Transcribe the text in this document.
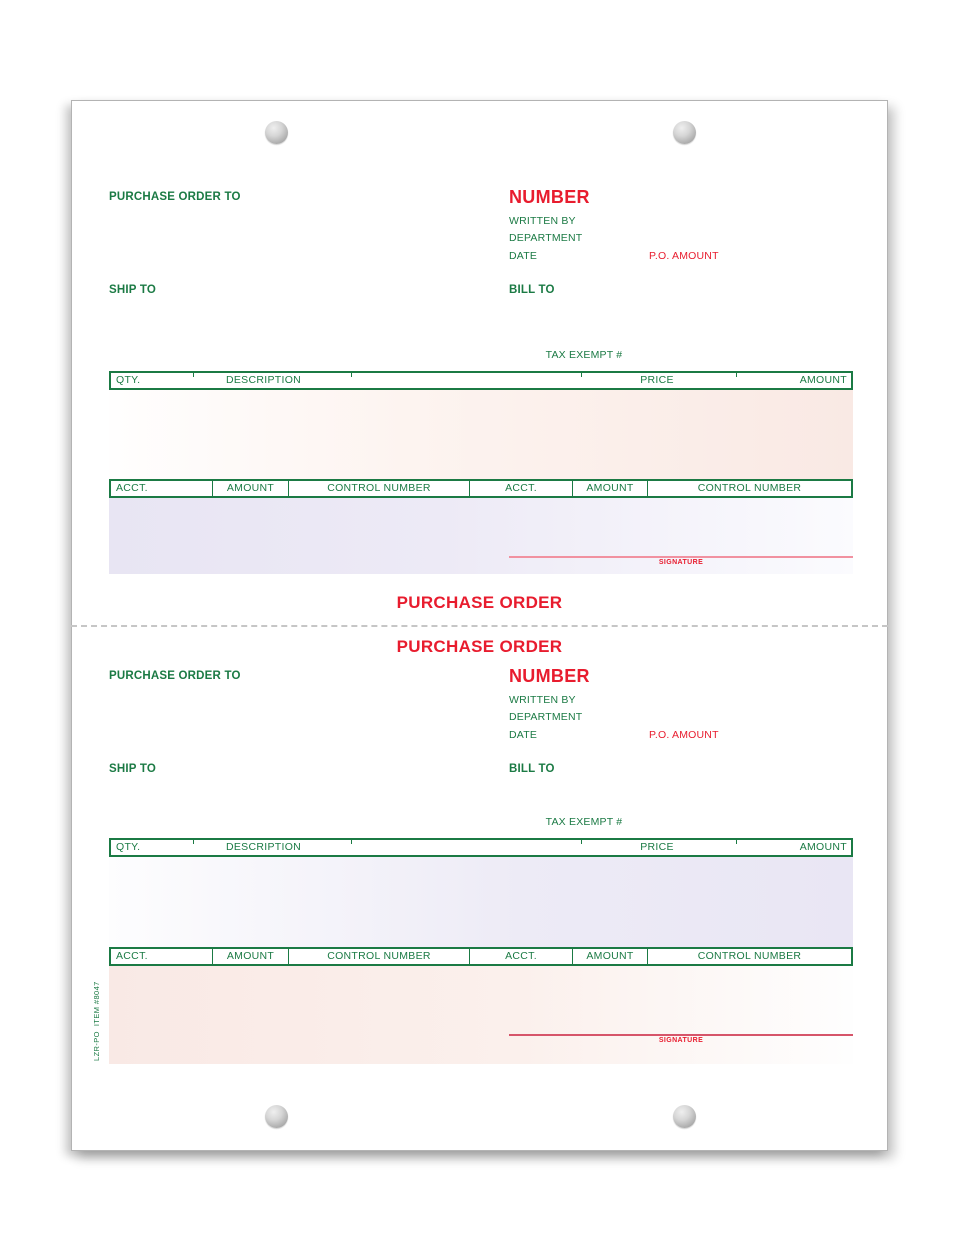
PURCHASE ORDER TO	NUMBER
WRITTEN BY
DEPARTMENT
DATE	P.O. AMOUNT
SHIP TO	BILL TO
TAX EXEMPT #
QTY.	DESCRIPTION	PRICE	AMOUNT
ACCT.	AMOUNT	CONTROL NUMBER	ACCT.	AMOUNT	CONTROL NUMBER
SIGNATURE
PURCHASE ORDER
PURCHASE ORDER
PURCHASE ORDER TO	NUMBER
WRITTEN BY
DEPARTMENT
DATE	P.O. AMOUNT
SHIP TO	BILL TO
TAX EXEMPT #
QTY.	DESCRIPTION	PRICE	AMOUNT
ACCT.	AMOUNT	CONTROL NUMBER	ACCT.	AMOUNT	CONTROL NUMBER
SIGNATURE
LZR-PO  ITEM #8047
